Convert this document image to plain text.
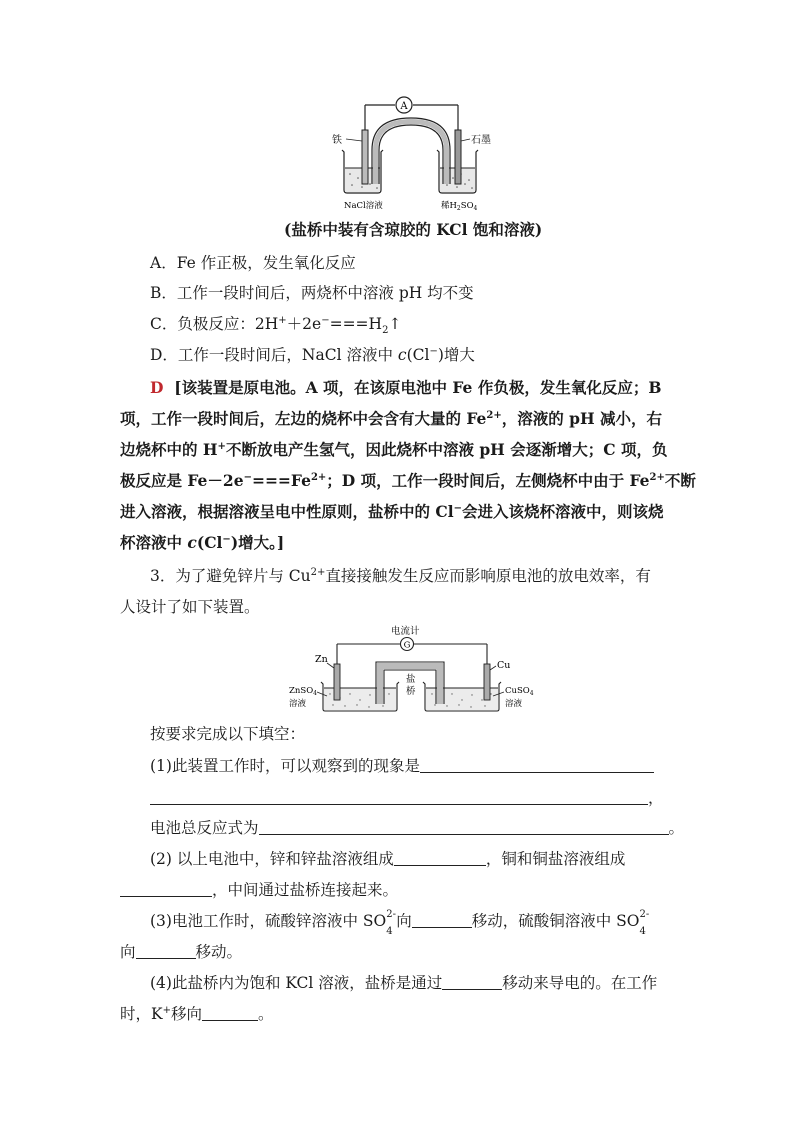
A
铁	石墨
NaCl溶液	稀$H_2SO_4$
(盐桥中装有含琼胶的 KCl 饱和溶液)
A．Fe 作正极，发生氧化反应
B．工作一段时间后，两烧杯中溶液 pH 均不变
C．负极反应：$2H^++2e^-===H_2↑$
D．工作一段时间后，NaCl 溶液中 c(Cl−)增大
D [该装置是原电池。A 项，在该原电池中 Fe 作负极，发生氧化反应；B
项，工作一段时间后，左边的烧杯中会含有大量的 $Fe^{2+}$，溶液的 pH 减小，右
边烧杯中的 H+不断放电产生氢气，因此烧杯中溶液 pH 会逐渐增大；C 项，负
极反应是 $Fe-2e^-===Fe^{2+}$；D 项，工作一段时间后，左侧烧杯中由于 $Fe^{2+}$不断
进入溶液，根据溶液呈电中性原则，盐桥中的 Cl−会进入该烧杯溶液中，则该烧
杯溶液中 c(Cl−)增大。]
3．为了避免锌片与 $Cu^{2+}$直接接触发生反应而影响原电池的放电效率，有
人设计了如下装置。
电流计
G
盐
桥
Zn
Cu
ZnSO$_4$
溶液
CuSO$_4$
溶液
按要求完成以下填空：
(1)此装置工作时，可以观察到的现象是
，
电池总反应式为	。
(2) 以上电池中，锌和锌盐溶液组成	，铜和铜盐溶液组成
，中间通过盐桥连接起来。
(3)电池工作时，硫酸锌溶液中 SO 2-
4
向	移动，硫酸铜溶液中 SO 2-
4
向	移动。
(4)此盐桥内为饱和 KCl 溶液，盐桥是通过	移动来导电的。在工作
时，K+移向	。
